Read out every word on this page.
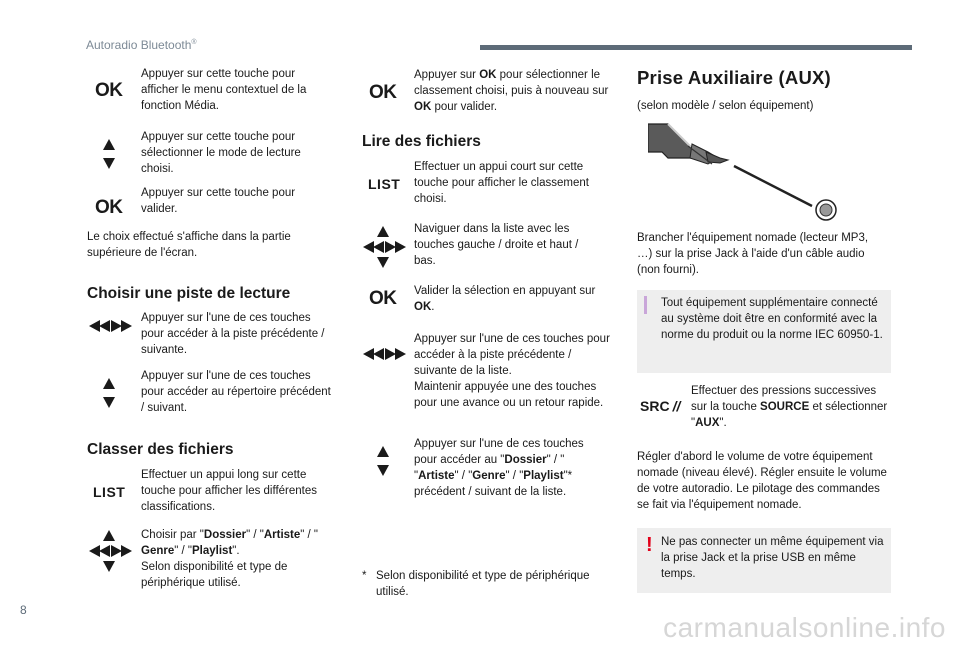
Autoradio Bluetooth®
OK
Appuyer sur cette touche pour afficher le menu contextuel de la fonction Média.
Appuyer sur cette touche pour sélectionner le mode de lecture choisi.
OK
Appuyer sur cette touche pour valider.
Le choix effectué s'affiche dans la partie supérieure de l'écran.
Choisir une piste de lecture
Appuyer sur l'une de ces touches pour accéder à la piste précédente / suivante.
Appuyer sur l'une de ces touches pour accéder au répertoire précédent / suivant.
Classer des fichiers
LIST
Effectuer un appui long sur cette touche pour afficher les différentes classifications.
Choisir par "Dossier" / "Artiste" / "
Genre" / "Playlist".
Selon disponibilité et type de périphérique utilisé.
OK
Appuyer sur OK pour sélectionner le classement choisi, puis à nouveau sur OK pour valider.
Lire des fichiers
LIST
Effectuer un appui court sur cette touche pour afficher le classement choisi.
Naviguer dans la liste avec les touches gauche / droite et haut / bas.
OK Valider la sélection en appuyant sur OK.
Appuyer sur l'une de ces touches pour accéder à la piste précédente / suivante de la liste.
Maintenir appuyée une des touches pour une avance ou un retour rapide.
Appuyer sur l'une de ces touches pour accéder au "Dossier" / "
"Artiste" / "Genre" / "Playlist"* précédent / suivant de la liste.
* Selon disponibilité et type de périphérique utilisé.
Prise Auxiliaire (AUX)
(selon modèle / selon équipement)
Brancher l'équipement nomade (lecteur MP3, …) sur la prise Jack à l'aide d'un câble audio (non fourni).
Tout équipement supplémentaire connecté au système doit être en conformité avec la norme du produit ou la norme IEC 60950-1.
SRC //
Effectuer des pressions successives sur la touche SOURCE et sélectionner "AUX".
Régler d'abord le volume de votre équipement nomade (niveau élevé). Régler ensuite le volume de votre autoradio. Le pilotage des commandes se fait via l'équipement nomade.
! Ne pas connecter un même équipement via la prise Jack et la prise USB en même temps.
8
carmanualsonline.info
